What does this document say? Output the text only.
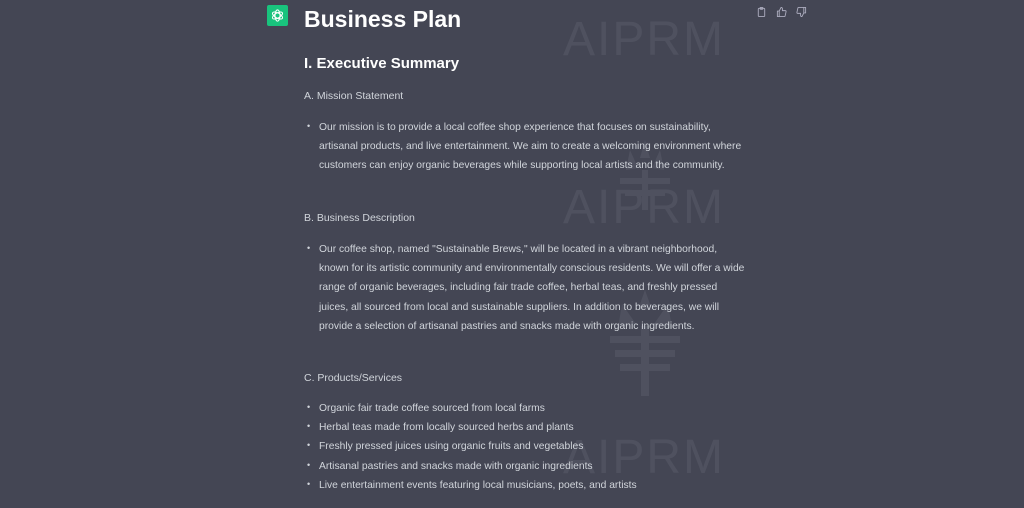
AIPRM
AIPRM
AIPRM
Business Plan
I. Executive Summary
A. Mission Statement
• Our mission is to provide a local coffee shop experience that focuses on sustainability, artisanal products, and live entertainment. We aim to create a welcoming environment where customers can enjoy organic beverages while supporting local artists and the community.
B. Business Description
• Our coffee shop, named "Sustainable Brews," will be located in a vibrant neighborhood, known for its artistic community and environmentally conscious residents. We will offer a wide range of organic beverages, including fair trade coffee, herbal teas, and freshly pressed juices, all sourced from local and sustainable suppliers. In addition to beverages, we will provide a selection of artisanal pastries and snacks made with organic ingredients.
C. Products/Services
• Organic fair trade coffee sourced from local farms
• Herbal teas made from locally sourced herbs and plants
• Freshly pressed juices using organic fruits and vegetables
• Artisanal pastries and snacks made with organic ingredients
• Live entertainment events featuring local musicians, poets, and artists
